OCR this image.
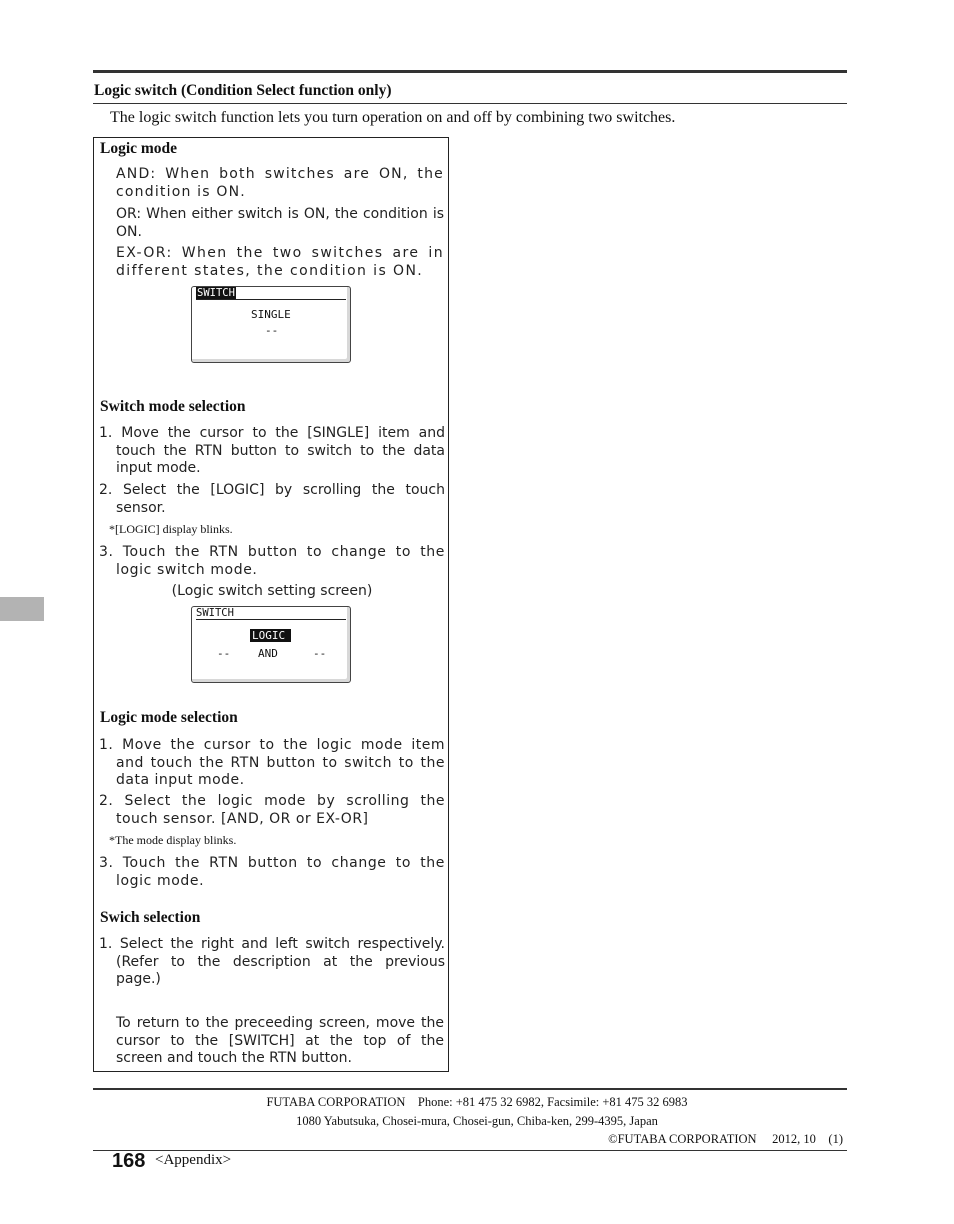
Logic switch (Condition Select function only)
The logic switch function lets you turn operation on and off by combining two switches.
Logic mode
AND: When both switches are ON, the condition is ON.
OR: When either switch is ON, the condition is ON.
EX-OR: When the two switches are in different states, the condition is ON.
SWITCH
SINGLE
--
Switch mode selection
1. Move the cursor to the [SINGLE] item and touch the RTN button to switch to the data input mode.
2. Select the [LOGIC] by scrolling the touch sensor.
*[LOGIC] display blinks.
3. Touch the RTN button to change to the logic switch mode.
(Logic switch setting screen)
SWITCH
LOGIC
--	AND	--
Logic mode selection
1. Move the cursor to the logic mode item and touch the RTN button to switch to the data input mode.
2. Select the logic mode by scrolling the touch sensor. [AND, OR or EX-OR]
*The mode display blinks.
3. Touch the RTN button to change to the logic mode.
Swich selection
1. Select the right and left switch respectively. (Refer to the description at the previous page.)
To return to the preceeding screen, move the cursor to the [SWITCH] at the top of the screen and touch the RTN button.
FUTABA CORPORATION    Phone: +81 475 32 6982, Facsimile: +81 475 32 6983
1080 Yabutsuka, Chosei-mura, Chosei-gun, Chiba-ken, 299-4395, Japan
©FUTABA CORPORATION     2012, 10    (1)
168 <Appendix>
